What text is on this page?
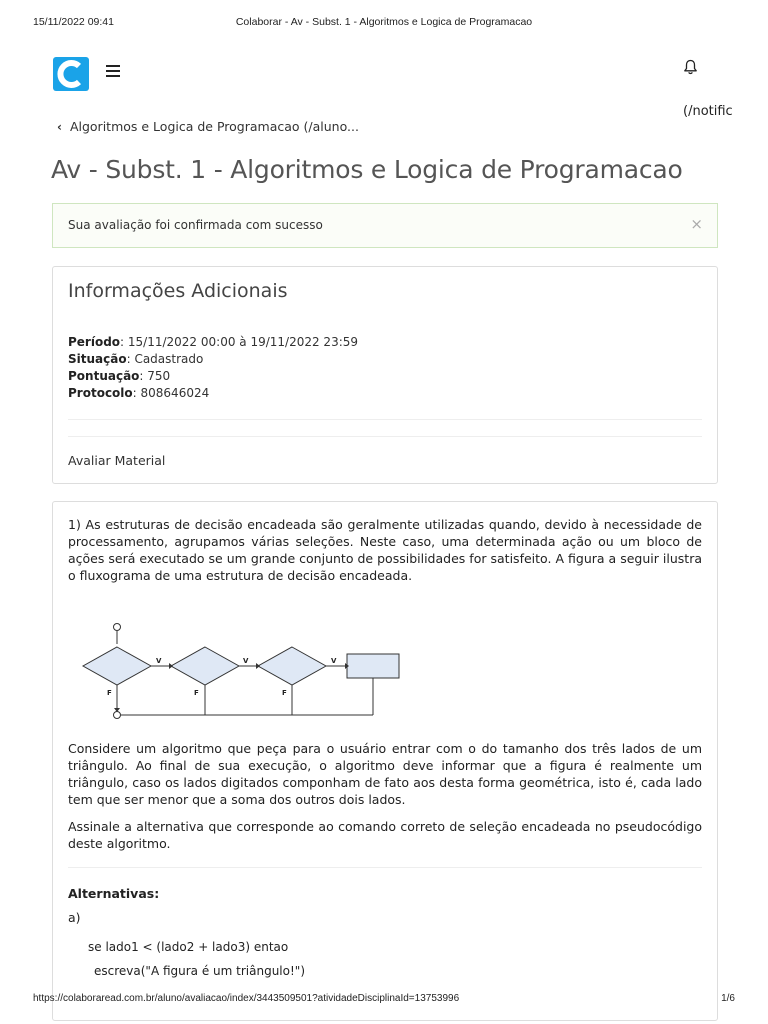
15/11/2022 09:41	Colaborar - Av - Subst. 1 - Algoritmos e Logica de Programacao
(/notific
‹ Algoritmos e Logica de Programacao (/aluno...
Av - Subst. 1 - Algoritmos e Logica de Programacao
Sua avaliação foi confirmada com sucesso	×
Informações Adicionais
Período: 15/11/2022 00:00 à 19/11/2022 23:59
Situação: Cadastrado
Pontuação: 750
Protocolo: 808646024
Avaliar Material

1) As estruturas de decisão encadeada são geralmente utilizadas quando, devido à necessidade de processamento, agrupamos várias seleções. Neste caso, uma determinada ação ou um bloco de ações será executado se um grande conjunto de possibilidades for satisfeito. A figura a seguir ilustra o fluxograma de uma estrutura de decisão encadeada.

V	V	V
F	F	F

Considere um algoritmo que peça para o usuário entrar com o do tamanho dos três lados de um triângulo. Ao final de sua execução, o algoritmo deve informar que a figura é realmente um triângulo, caso os lados digitados componham de fato aos desta forma geométrica, isto é, cada lado tem que ser menor que a soma dos outros dois lados.

Assinale a alternativa que corresponde ao comando correto de seleção encadeada no pseudocódigo deste algoritmo.

Alternativas:
a)
se lado1 < (lado2 + lado3) entao
escreva("A figura é um triângulo!")
https://colaboraread.com.br/aluno/avaliacao/index/3443509501?atividadeDisciplinaId=13753996	1/6
